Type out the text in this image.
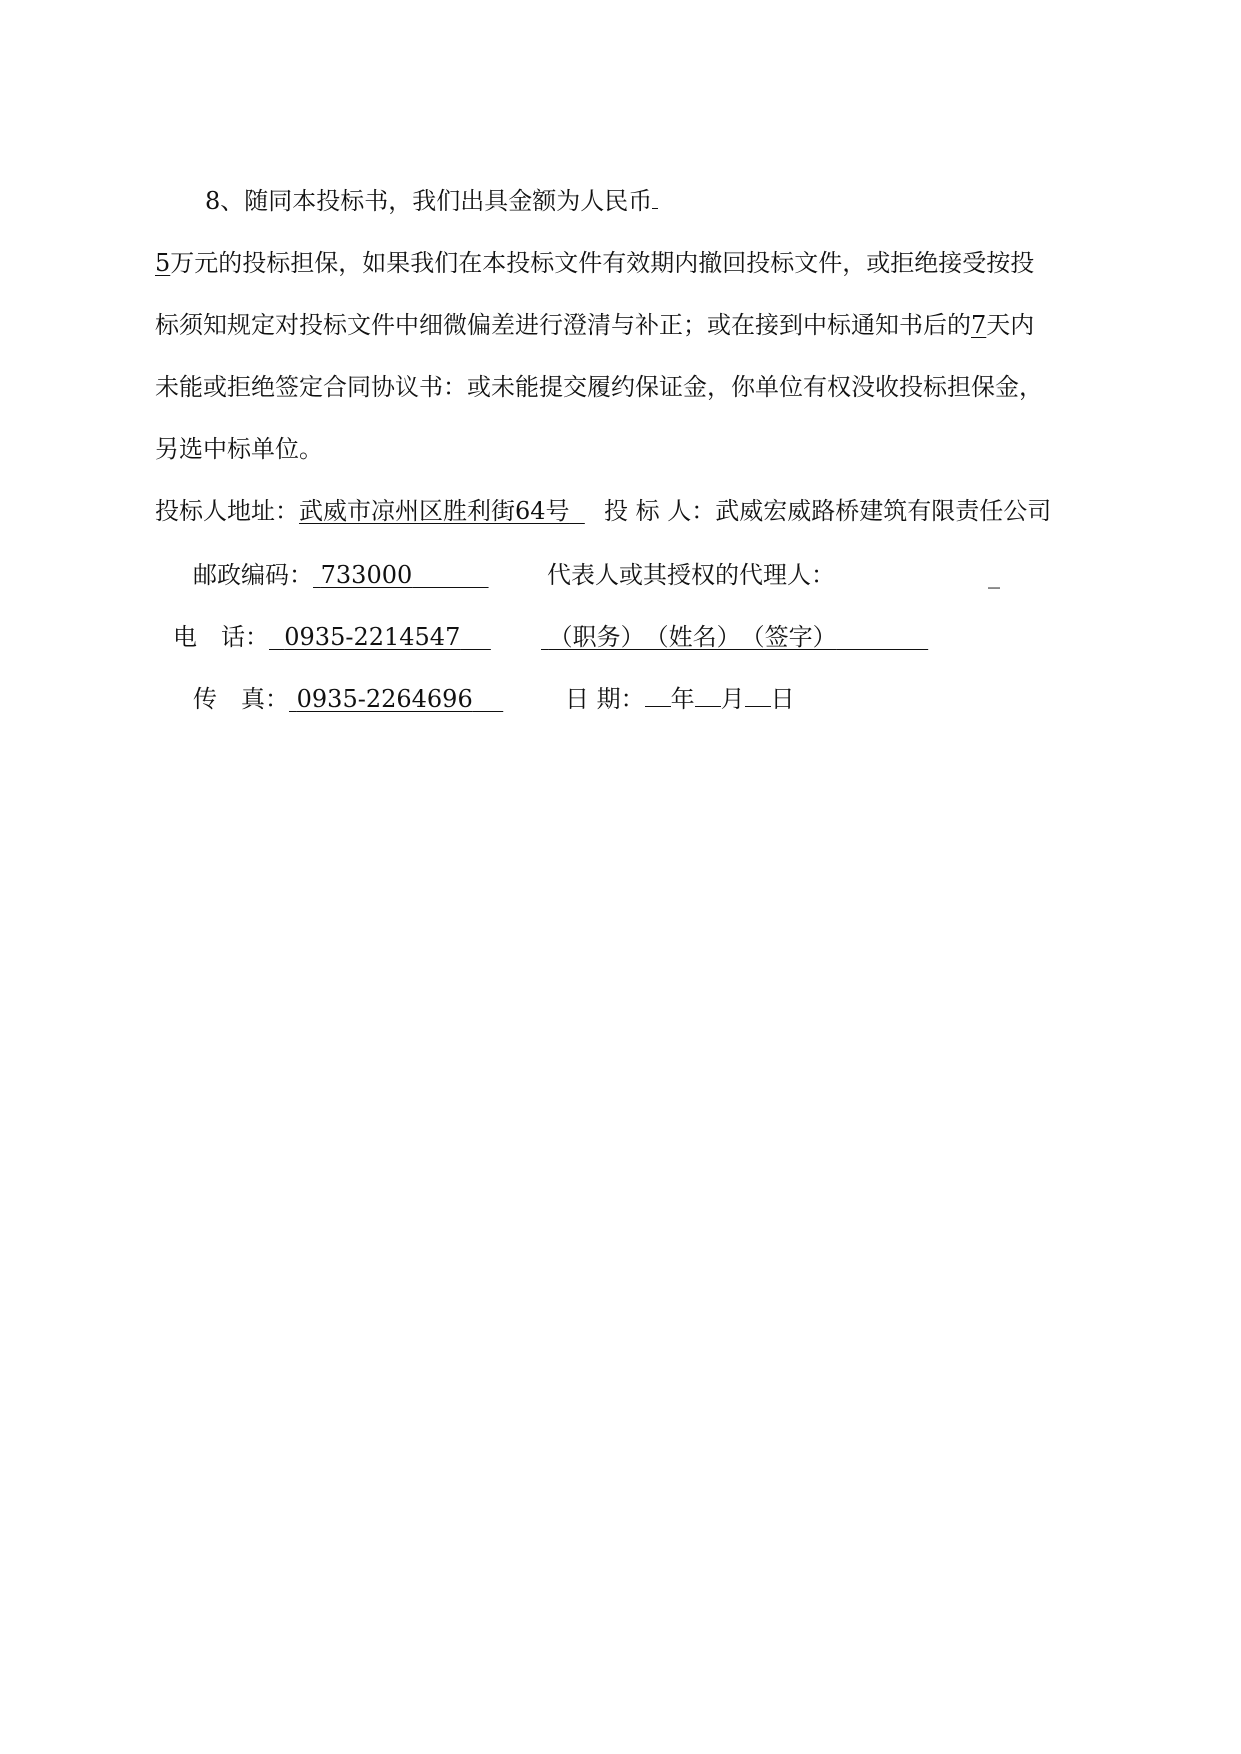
8、随同本投标书，我们出具金额为人民币
5万元的投标担保，如果我们在本投标文件有效期内撤回投标文件，或拒绝接受按投
标须知规定对投标文件中细微偏差进行澄清与补正；或在接到中标通知书后的7天内
未能或拒绝签定合同协议书：或未能提交履约保证金，你单位有权没收投标担保金，
另选中标单位。
投标人地址：武威市凉州区胜利街64号	投 标 人：武威宏威路桥建筑有限责任公司
邮政编码： 733000	代表人或其授权的代理人：	_
电　话： 0935-2214547	（职务）　（姓名）　（签字）
传　真： 0935-2264696	日 期： 年 月 日
